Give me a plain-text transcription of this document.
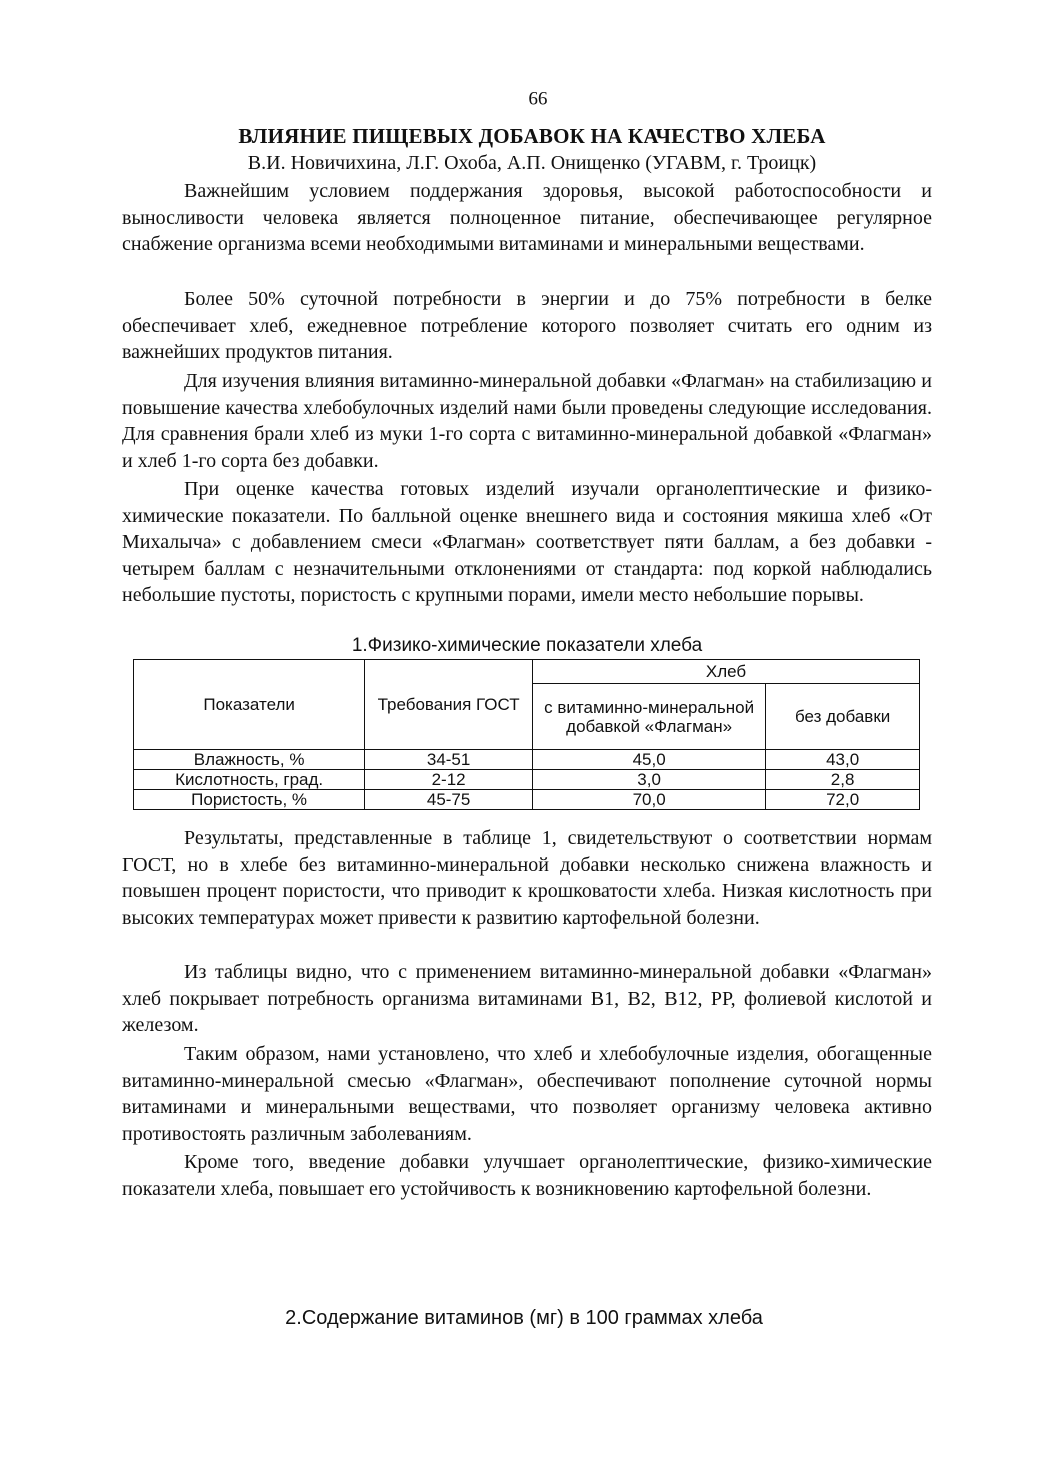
99
ВЛИЯНИЕ ПИЩЕВЫХ ДОБАВОК НА КАЧЕСТВО ХЛЕБА
В.И. Новичихина, Л.Г. Охоба, А.П. Онищенко (УГАВМ, г. Троицк)

Важнейшим условием поддержания здоровья, высокой работоспособности и выносливости человека является полноценное питание, обеспечивающее регулярное снабжение организма всеми необходимыми витаминами и минеральными веществами.

Более 50% суточной потребности в энергии и до 75% потребности в белке обеспечивает хлеб, ежедневное потребление которого позволяет считать его одним из важнейших продуктов питания.

Для изучения влияния витаминно-минеральной добавки «Флагман» на стабилизацию и повышение качества хлебобулочных изделий нами были проведены следующие исследования. Для сравнения брали хлеб из муки 1-го сорта с витаминно-минеральной добавкой «Флагман» и хлеб 1-го сорта без добавки.

При оценке качества готовых изделий изучали органолептические и физико-химические показатели. По балльной оценке внешнего вида и состояния мякиша хлеб «От Михалыча» с добавлением смеси «Флагман» соответствует пяти баллам, а без добавки - четырем баллам с незначительными отклонениями от стандарта: под коркой наблюдались небольшие пустоты, пористость с крупными порами, имели место небольшие порывы.

1.Физико-химические показатели хлеба
Показатели	Требования ГОСТ	Хлеб	
		с витаминно-минеральной добавкой «Флагман»	без добавки
Влажность, %	34-51	45,0	43,0
Кислотность, град.	2-12	3,0	2,8
Пористость, %	45-75	70,0	72,0

Результаты, представленные в таблице 1, свидетельствуют о соответствии нормам ГОСТ, но в хлебе без витаминно-минеральной добавки несколько снижена влажность и повышен процент пористости, что приводит к крошковатости хлеба. Низкая кислотность при высоких температурах может привести к развитию картофельной болезни.

Из таблицы видно, что с применением витаминно-минеральной добавки «Флагман» хлеб покрывает потребность организма витаминами В1, В2, В12, РР, фолиевой кислотой и железом.

Таким образом, нами установлено, что хлеб и хлебобулочные изделия, обогащенные витаминно-минеральной смесью «Флагман», обеспечивают пополнение суточной нормы витаминами и минеральными веществами, что позволяет организму человека активно противостоять различным заболеваниям.

Кроме того, введение добавки улучшает органолептические, физико-химические показатели хлеба, повышает его устойчивость к возникновению картофельной болезни.

2.Содержание витаминов (мг) в 100 граммах хлеба
